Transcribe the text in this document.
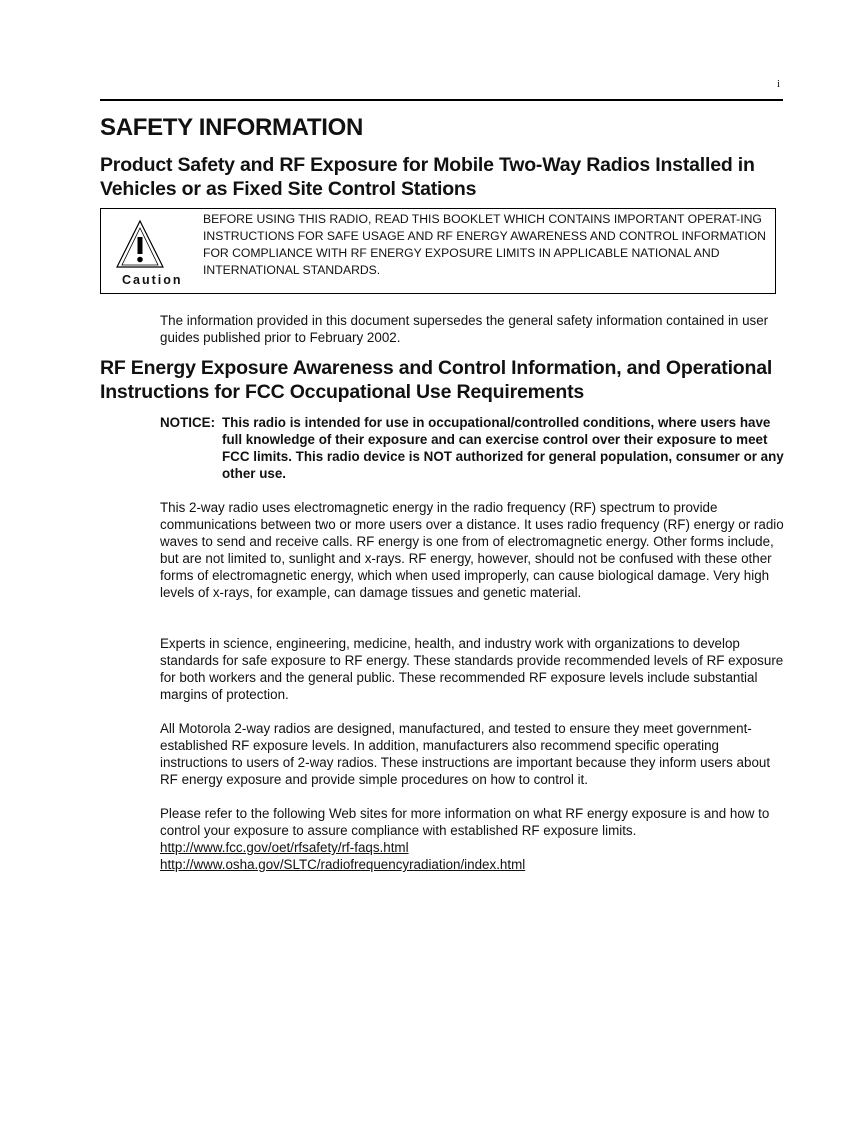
i
SAFETY INFORMATION
Product Safety and RF Exposure for Mobile Two-Way Radios Installed in Vehicles or as Fixed Site Control Stations
Caution
BEFORE USING THIS RADIO, READ THIS BOOKLET WHICH CONTAINS IMPORTANT OPERAT-ING INSTRUCTIONS FOR SAFE USAGE AND RF ENERGY AWARENESS AND CONTROL INFORMATION FOR COMPLIANCE WITH RF ENERGY EXPOSURE LIMITS IN APPLICABLE NATIONAL AND INTERNATIONAL STANDARDS.
The information provided in this document supersedes the general safety information contained in user guides published prior to February 2002.
RF Energy Exposure Awareness and Control Information, and Operational Instructions for FCC Occupational Use Requirements
NOTICE: This radio is intended for use in occupational/controlled conditions, where users have full knowledge of their exposure and can exercise control over their exposure to meet FCC limits. This radio device is NOT authorized for general population, consumer or any other use.
This 2-way radio uses electromagnetic energy in the radio frequency (RF) spectrum to provide communications between two or more users over a distance. It uses radio frequency (RF) energy or radio waves to send and receive calls. RF energy is one from of electromagnetic energy. Other forms include, but are not limited to, sunlight and x-rays. RF energy, however, should not be confused with these other forms of electromagnetic energy, which when used improperly, can cause biological damage. Very high levels of x-rays, for example, can damage tissues and genetic material.
Experts in science, engineering, medicine, health, and industry work with organizations to develop standards for safe exposure to RF energy. These standards provide recommended levels of RF exposure for both workers and the general public. These recommended RF exposure levels include substantial margins of protection.
All Motorola 2-way radios are designed, manufactured, and tested to ensure they meet government-established RF exposure levels. In addition, manufacturers also recommend specific operating instructions to users of 2-way radios. These instructions are important because they inform users about RF energy exposure and provide simple procedures on how to control it.
Please refer to the following Web sites for more information on what RF energy exposure is and how to control your exposure to assure compliance with established RF exposure limits.
http://www.fcc.gov/oet/rfsafety/rf-faqs.html
http://www.osha.gov/SLTC/radiofrequencyradiation/index.html
